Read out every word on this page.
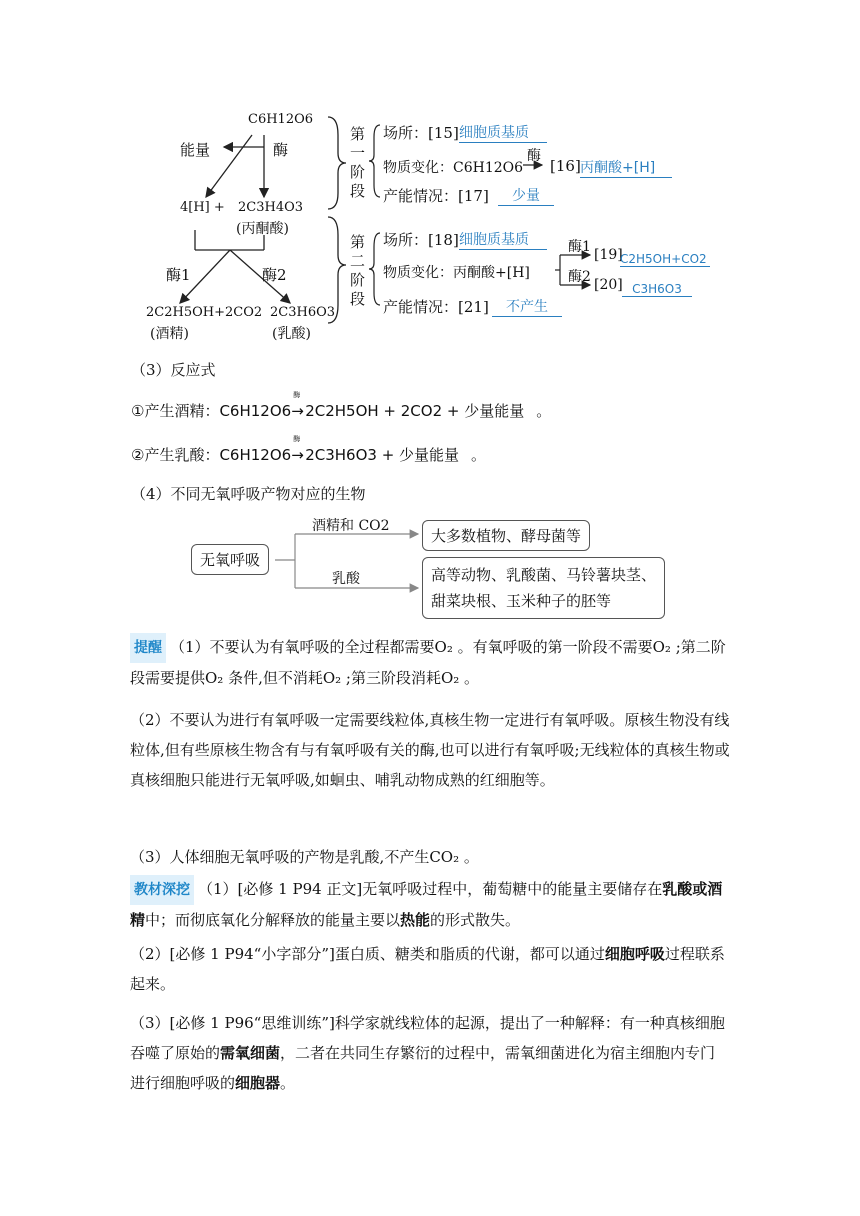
C6H12O6
能量	酶
4[H] + 2C3H4O3
(丙酮酸)
酶1	酶2
2C2H5OH+2CO2
(酒精)
2C3H6O3
(乳酸)
第一阶段
第二阶段
场所：[15] 细胞质基质
物质变化：C6H12O6
酶
[16] 丙酮酸+[H]
产能情况：[17]	少量
场所：[18] 细胞质基质
物质变化：丙酮酸+[H]
酶1
酶2
[19]
C2H5OH+CO2
[20] C3H6O3
产能情况：[21]	不产生
（3）反应式
①产生酒精：C6H12O6
酶
→2C2H5OH + 2CO2 + 少量能量 。
②产生乳酸：C6H12O6
酶
→2C3H6O3 + 少量能量 。
（4）不同无氧呼吸产物对应的生物
无氧呼吸
酒精和 CO2
大多数植物、酵母菌等
乳酸	高等动物、乳酸菌、马铃薯块茎、
甜菜块根、玉米种子的胚等
提醒 （1）不要认为有氧呼吸的全过程都需要O₂ 。有氧呼吸的第一阶段不需要O₂ ;第二阶段需要提供O₂ 条件,但不消耗O₂ ;第三阶段消耗O₂ 。
（2）不要认为进行有氧呼吸一定需要线粒体,真核生物一定进行有氧呼吸。原核生物没有线粒体,但有些原核生物含有与有氧呼吸有关的酶,也可以进行有氧呼吸;无线粒体的真核生物或真核细胞只能进行无氧呼吸,如蛔虫、哺乳动物成熟的红细胞等。
（3）人体细胞无氧呼吸的产物是乳酸,不产生CO₂ 。
教材深挖 （1）[必修 1 P94 正文]无氧呼吸过程中，葡萄糖中的能量主要储存在乳酸或酒精中；而彻底氧化分解释放的能量主要以热能的形式散失。
（2）[必修 1 P94“小字部分”]蛋白质、糖类和脂质的代谢，都可以通过细胞呼吸过程联系起来。
（3）[必修 1 P96“思维训练”]科学家就线粒体的起源，提出了一种解释：有一种真核细胞吞噬了原始的需氧细菌，二者在共同生存繁衍的过程中，需氧细菌进化为宿主细胞内专门进行细胞呼吸的细胞器。
